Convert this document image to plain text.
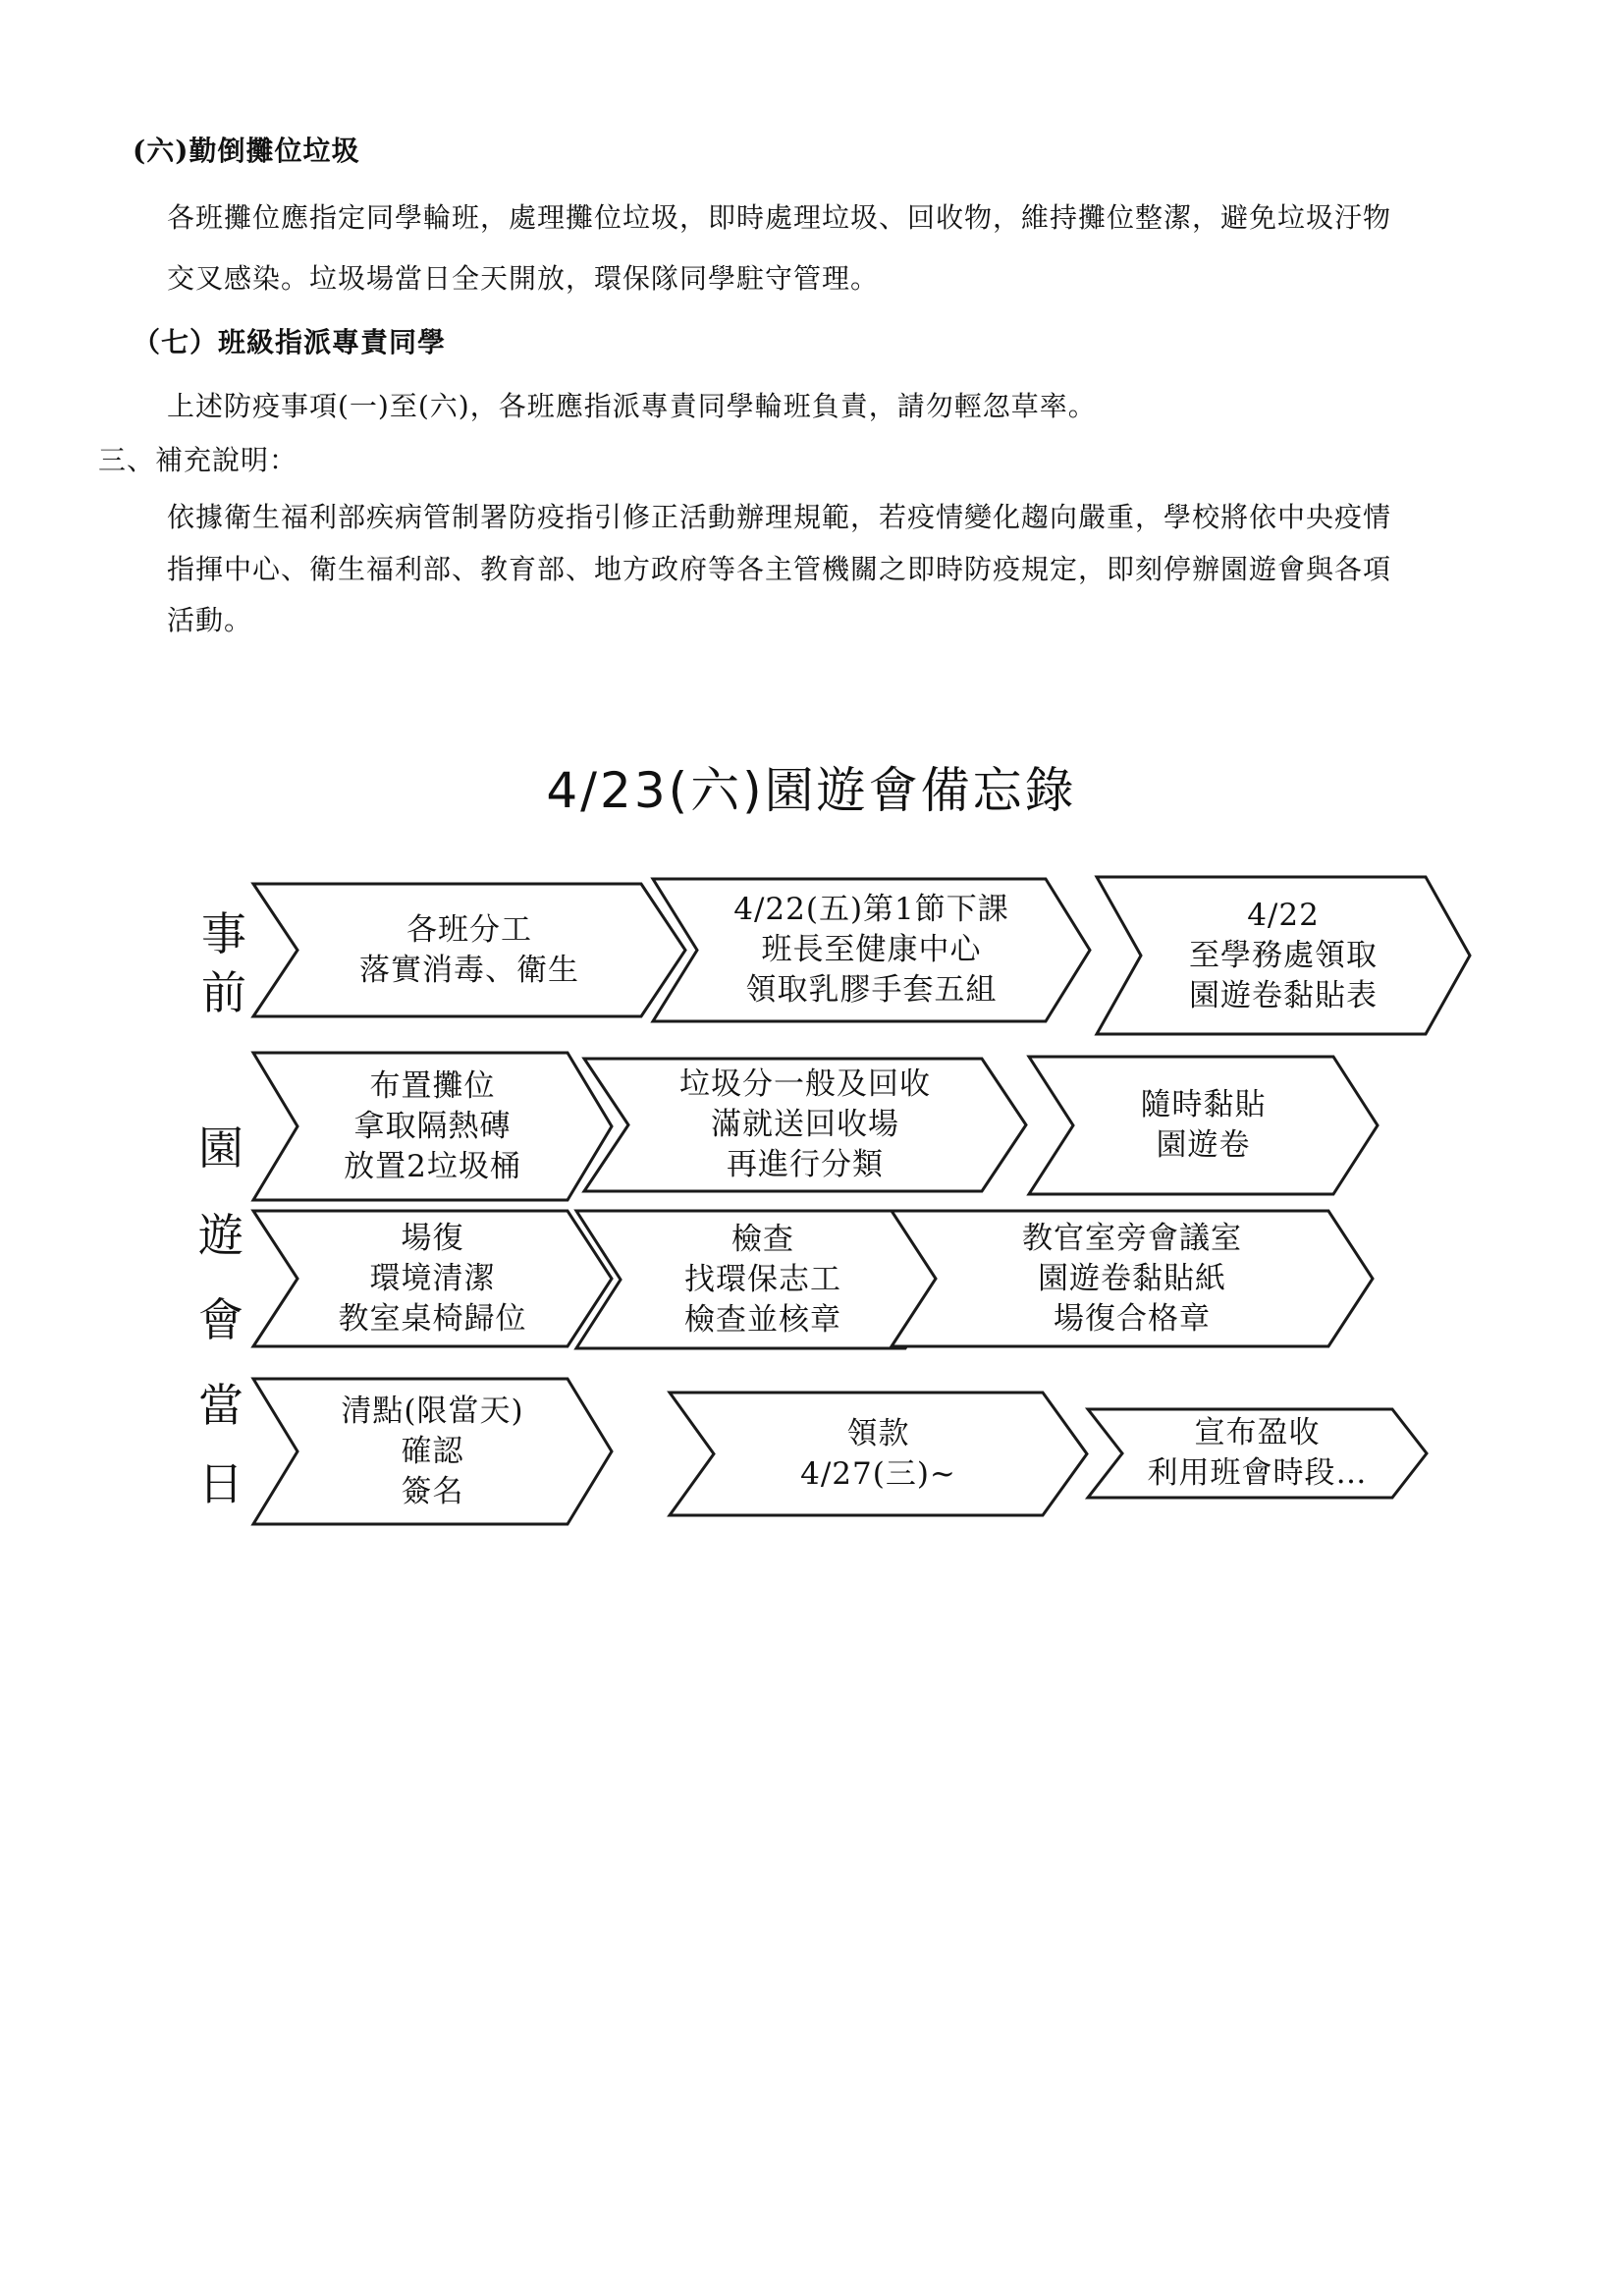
(六)勤倒攤位垃圾
各班攤位應指定同學輪班，處理攤位垃圾，即時處理垃圾、回收物，維持攤位整潔，避免垃圾汙物
交叉感染。垃圾場當日全天開放，環保隊同學駐守管理。
（七）班級指派專責同學
上述防疫事項(一)至(六)，各班應指派專責同學輪班負責，請勿輕忽草率。
三、補充說明：
依據衛生福利部疾病管制署防疫指引修正活動辦理規範，若疫情變化趨向嚴重，學校將依中央疫情
指揮中心、衛生福利部、教育部、地方政府等各主管機關之即時防疫規定，即刻停辦園遊會與各項
活動。
4/23(六)園遊會備忘錄
事
前
園
遊
會
當
日
各班分工
落實消毒、衛生
4/22(五)第1節下課
班長至健康中心
領取乳膠手套五組
4/22
至學務處領取
園遊卷黏貼表
布置攤位
拿取隔熱磚
放置2垃圾桶
垃圾分一般及回收
滿就送回收場
再進行分類
隨時黏貼
園遊卷
場復
環境清潔
教室桌椅歸位
檢查
找環保志工
檢查並核章
教官室旁會議室
園遊卷黏貼紙
場復合格章
清點(限當天)
確認
簽名
領款
4/27(三)~
宣布盈收
利用班會時段…
